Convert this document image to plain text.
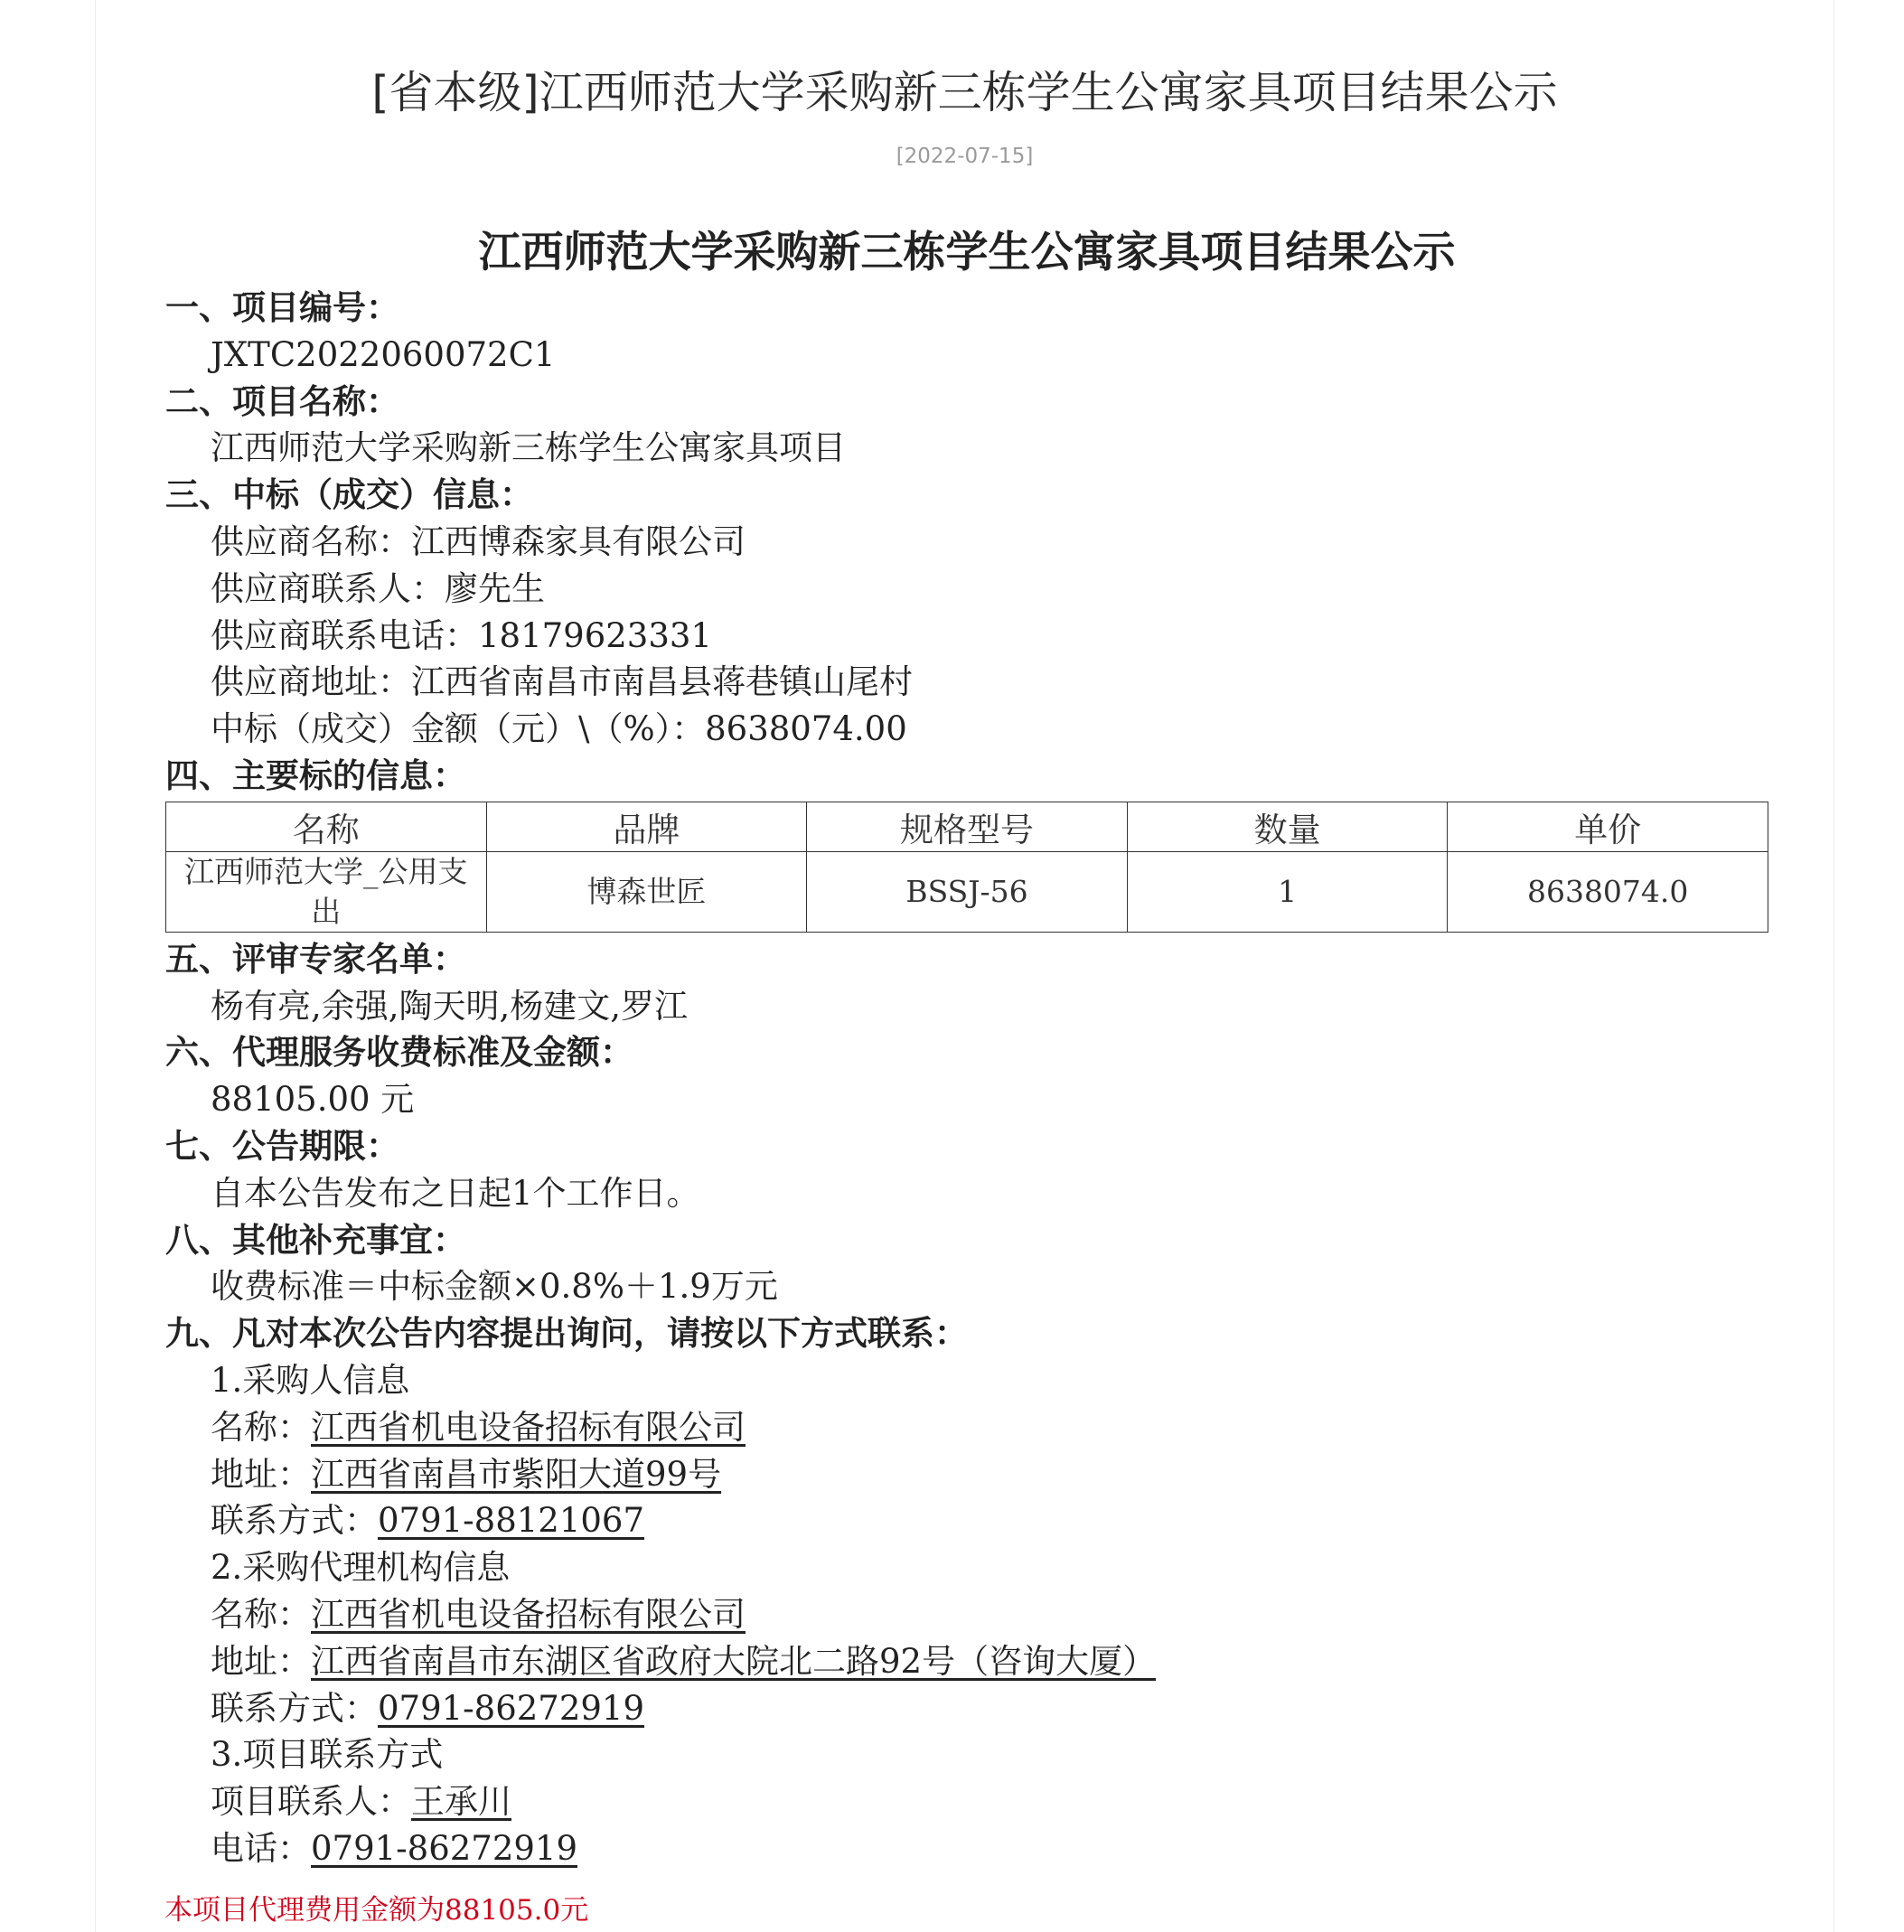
[省本级]江西师范大学采购新三栋学生公寓家具项目结果公示
[2022-07-15]
江西师范大学采购新三栋学生公寓家具项目结果公示
一、项目编号：
JXTC2022060072C1
二、项目名称：
江西师范大学采购新三栋学生公寓家具项目
三、中标（成交）信息：
供应商名称：江西博森家具有限公司
供应商联系人：廖先生
供应商联系电话：18179623331
供应商地址：江西省南昌市南昌县蒋巷镇山尾村
中标（成交）金额（元）\（%）：8638074.00
四、主要标的信息：
名称	品牌	规格型号	数量	单价
江西师范大学_公用支出	博森世匠	BSSJ-56	1	8638074.0
五、评审专家名单：
杨有亮,余强,陶天明,杨建文,罗江
六、代理服务收费标准及金额：
88105.00 元
七、公告期限：
自本公告发布之日起1个工作日。
八、其他补充事宜：
收费标准＝中标金额×0.8%＋1.9万元
九、凡对本次公告内容提出询问，请按以下方式联系：
1.采购人信息
名称：江西省机电设备招标有限公司
地址：江西省南昌市紫阳大道99号
联系方式：0791-88121067
2.采购代理机构信息
名称：江西省机电设备招标有限公司
地址：江西省南昌市东湖区省政府大院北二路92号（咨询大厦）
联系方式：0791-86272919
3.项目联系方式
项目联系人：王承川
电话：0791-86272919
本项目代理费用金额为88105.0元
